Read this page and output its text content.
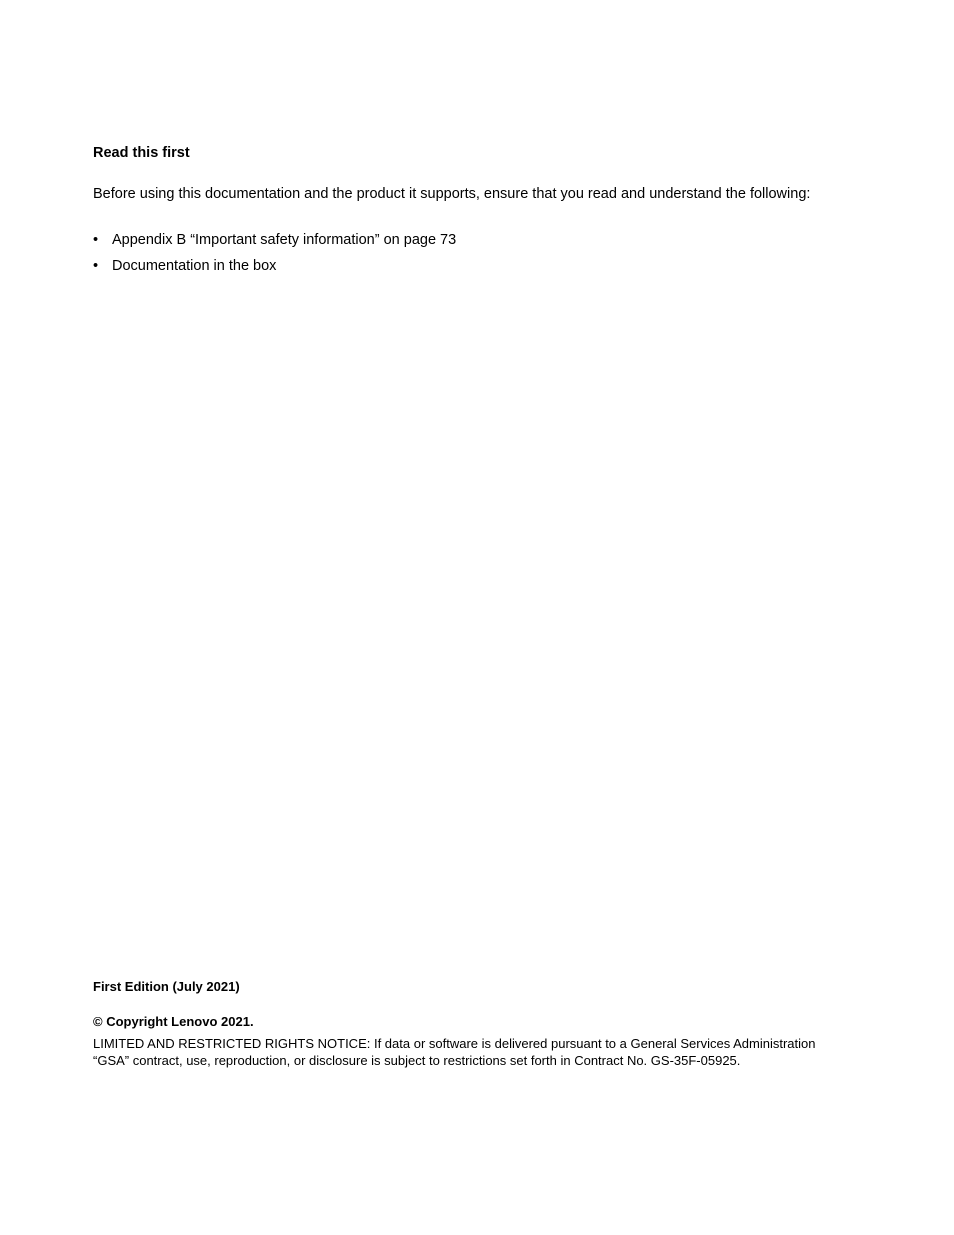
Read this first

Before using this documentation and the product it supports, ensure that you read and understand the following:

• Appendix B “Important safety information” on page 73
• Documentation in the box

First Edition (July 2021)

© Copyright Lenovo 2021.

LIMITED AND RESTRICTED RIGHTS NOTICE: If data or software is delivered pursuant to a General Services Administration “GSA” contract, use, reproduction, or disclosure is subject to restrictions set forth in Contract No. GS-35F-05925.
